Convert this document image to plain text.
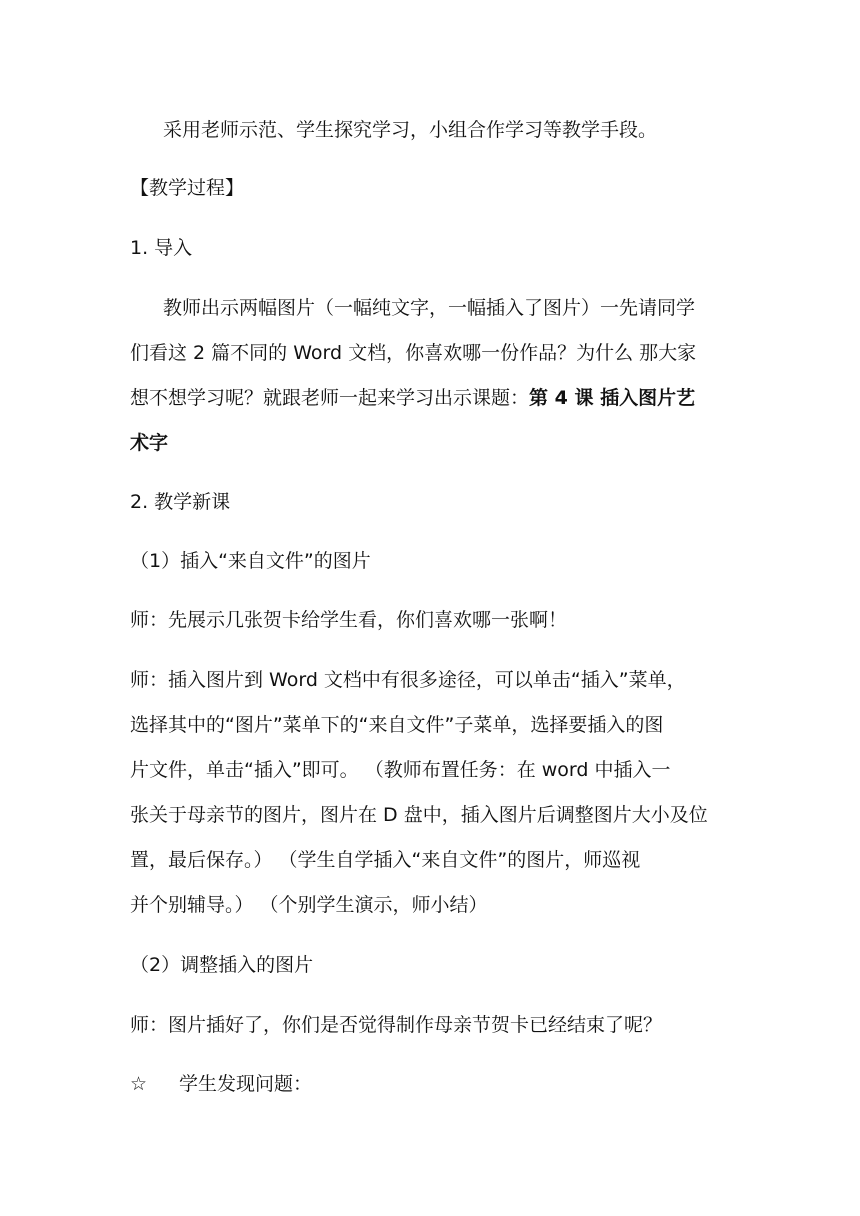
采用老师示范、学生探究学习，小组合作学习等教学手段。
【教学过程】
1. 导入
教师出示两幅图片（一幅纯文字，一幅插入了图片）一先请同学
们看这 2 篇不同的 Word 文档，你喜欢哪一份作品？为什么 那大家
想不想学习呢？就跟老师一起来学习出示课题：第 4 课 插入图片艺
术字
2. 教学新课
（1）插入“来自文件”的图片
师：先展示几张贺卡给学生看，你们喜欢哪一张啊！
师：插入图片到 Word 文档中有很多途径，可以单击“插入”菜单，
选择其中的“图片”菜单下的“来自文件”子菜单，选择要插入的图
片文件，单击“插入”即可。 （教师布置任务：在 word 中插入一
张关于母亲节的图片，图片在 D 盘中，插入图片后调整图片大小及位
置，最后保存。） （学生自学插入“来自文件”的图片，师巡视
并个别辅导。） （个别学生演示，师小结）
（2）调整插入的图片
师：图片插好了，你们是否觉得制作母亲节贺卡已经结束了呢？
☆ 学生发现问题：
